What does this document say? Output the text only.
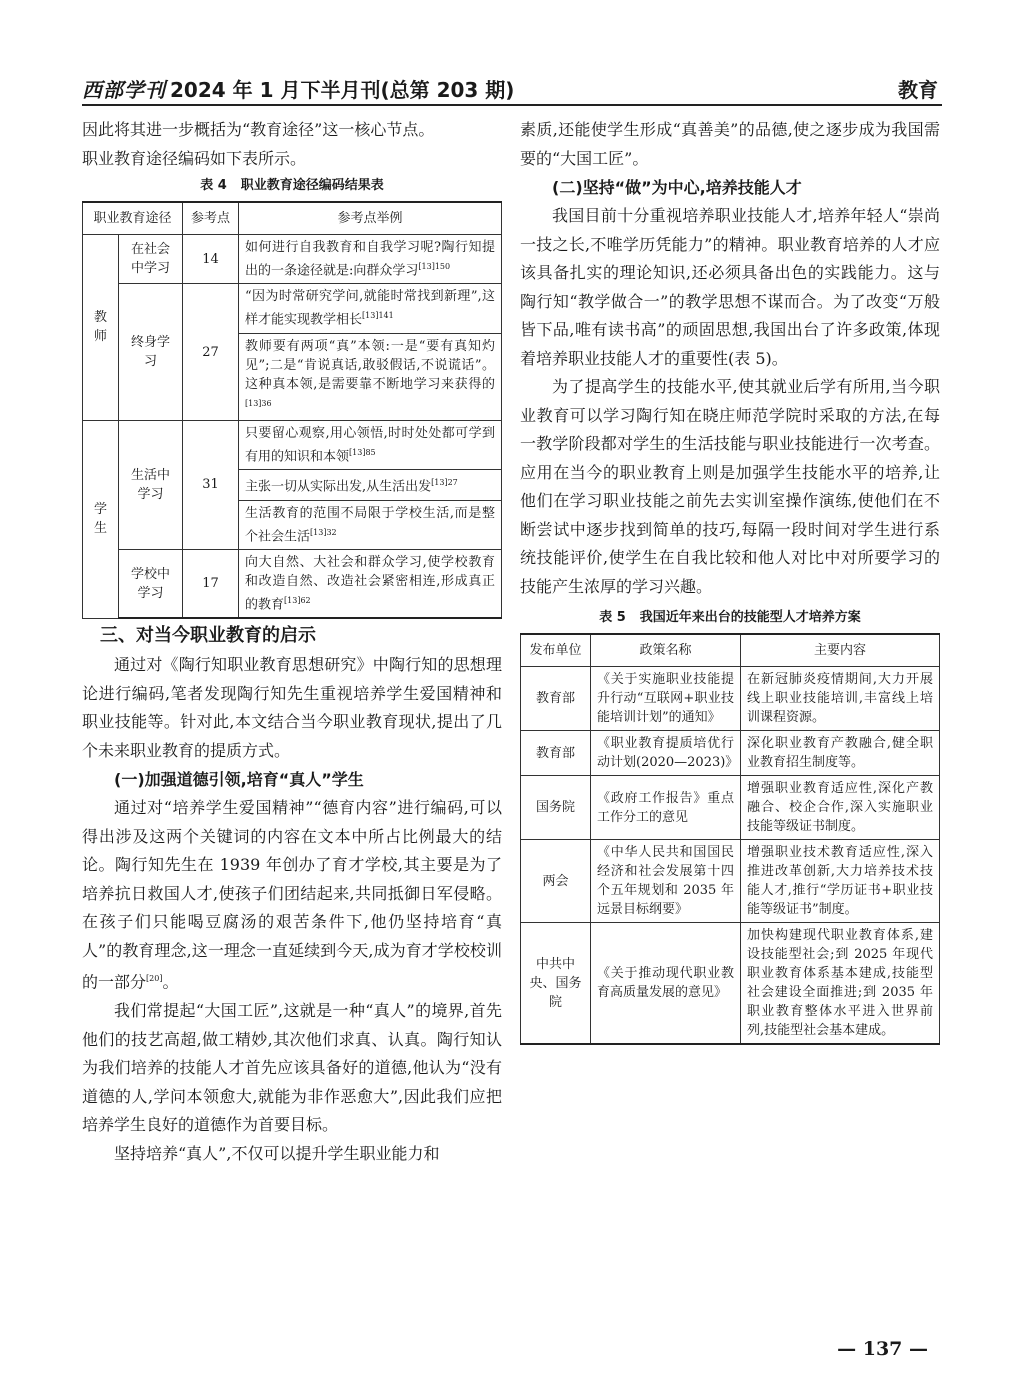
西部学刊 2024 年 1 月下半月刊(总第 203 期)	教育

因此将其进一步概括为“教育途径”这一核心节点。

职业教育途径编码如下表所示。

表 4 职业教育途径编码结果表
职业教育途径		参考点	参考点举例
教师	在社会中学习	14	如何进行自我教育和自我学习呢?陶行知提出的一条途径就是:向群众学习$^{[13]150}$
	终身学习	27	“因为时常研究学问,就能时常找到新理”,这样才能实现教学相长$^{[13]141}$
			教师要有两项“真”本领:一是“要有真知灼见”;二是“肯说真话,敢驳假话,不说谎话”。这种真本领,是需要靠不断地学习来获得的$^{[13]36}$
学生	生活中学习	31	只要留心观察,用心领悟,时时处处都可学到有用的知识和本领$^{[13]85}$
			主张一切从实际出发,从生活出发$^{[13]27}$
			生活教育的范围不局限于学校生活,而是整个社会生活$^{[13]32}$
	学校中学习	17	向大自然、大社会和群众学习,使学校教育和改造自然、改造社会紧密相连,形成真正的教育$^{[13]62}$
三、对当今职业教育的启示

通过对《陶行知职业教育思想研究》中陶行知的思想理论进行编码,笔者发现陶行知先生重视培养学生爱国精神和职业技能等。针对此,本文结合当今职业教育现状,提出了几个未来职业教育的提质方式。

(一)加强道德引领,培育“真人”学生

通过对“培养学生爱国精神”“德育内容”进行编码,可以得出涉及这两个关键词的内容在文本中所占比例最大的结论。陶行知先生在 1939 年创办了育才学校,其主要是为了培养抗日救国人才,使孩子们团结起来,共同抵御日军侵略。在孩子们只能喝豆腐汤的艰苦条件下,他仍坚持培育“真人”的教育理念,这一理念一直延续到今天,成为育才学校校训的一部分[20]。

我们常提起“大国工匠”,这就是一种“真人”的境界,首先他们的技艺高超,做工精妙,其次他们求真、认真。陶行知认为我们培养的技能人才首先应该具备好的道德,他认为“没有道德的人,学问本领愈大,就能为非作恶愈大”,因此我们应把培养学生良好的道德作为首要目标。

坚持培养“真人”,不仅可以提升学生职业能力和

素质,还能使学生形成“真善美”的品德,使之逐步成为我国需要的“大国工匠”。

(二)坚持“做”为中心,培养技能人才

我国目前十分重视培养职业技能人才,培养年轻人“崇尚一技之长,不唯学历凭能力”的精神。职业教育培养的人才应该具备扎实的理论知识,还必须具备出色的实践能力。这与陶行知“教学做合一”的教学思想不谋而合。为了改变“万般皆下品,唯有读书高”的顽固思想,我国出台了许多政策,体现着培养职业技能人才的重要性(表 5)。

为了提高学生的技能水平,使其就业后学有所用,当今职业教育可以学习陶行知在晓庄师范学院时采取的方法,在每一教学阶段都对学生的生活技能与职业技能进行一次考查。应用在当今的职业教育上则是加强学生技能水平的培养,让他们在学习职业技能之前先去实训室操作演练,使他们在不断尝试中逐步找到简单的技巧,每隔一段时间对学生进行系统技能评价,使学生在自我比较和他人对比中对所要学习的技能产生浓厚的学习兴趣。

表 5 我国近年来出台的技能型人才培养方案
发布单位	政策名称	主要内容
教育部	《关于实施职业技能提升行动“互联网+职业技能培训计划”的通知》	在新冠肺炎疫情期间,大力开展线上职业技能培训,丰富线上培训课程资源。
教育部	《职业教育提质培优行动计划(2020—2023)》	深化职业教育产教融合,健全职业教育招生制度等。
国务院	《政府工作报告》重点工作分工的意见	增强职业教育适应性,深化产教融合、校企合作,深入实施职业技能等级证书制度。
两会	《中华人民共和国国民经济和社会发展第十四个五年规划和 2035 年远景目标纲要》	增强职业技术教育适应性,深入推进改革创新,大力培养技术技能人才,推行“学历证书+职业技能等级证书”制度。
中共中央、国务院	《关于推动现代职业教育高质量发展的意见》	加快构建现代职业教育体系,建设技能型社会;到 2025 年现代职业教育体系基本建成,技能型社会建设全面推进;到 2035 年职业教育整体水平进入世界前列,技能型社会基本建成。
— 137 —
